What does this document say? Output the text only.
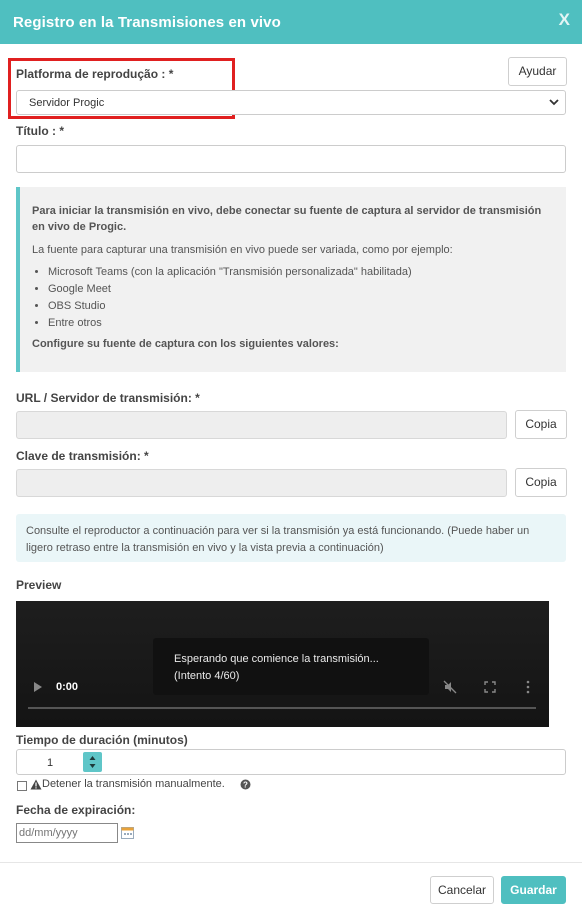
Registro en la Transmisiones en vivo	X
Platforma de reprodução : *	Ayudar
Servidor Progic
Título : *
Para iniciar la transmisión en vivo, debe conectar su fuente de captura al servidor de transmisión en vivo de Progic.
La fuente para capturar una transmisión en vivo puede ser variada, como por ejemplo:
• Microsoft Teams (con la aplicación "Transmisión personalizada" habilitada)
• Google Meet
• OBS Studio
• Entre otros
Configure su fuente de captura con los siguientes valores:
URL / Servidor de transmisión: *
Copia
Clave de transmisión: *
Copia
Consulte el reproductor a continuación para ver si la transmisión ya está funcionando. (Puede haber un ligero retraso entre la transmisión en vivo y la vista previa a continuación)
Preview
0:00
Esperando que comience la transmisión...
(Intento 4/60)
Tiempo de duración (minutos)
1
Detener la transmisión manualmente. ?
Fecha de expiración:
dd/mm/yyyy
Cancelar	Guardar
